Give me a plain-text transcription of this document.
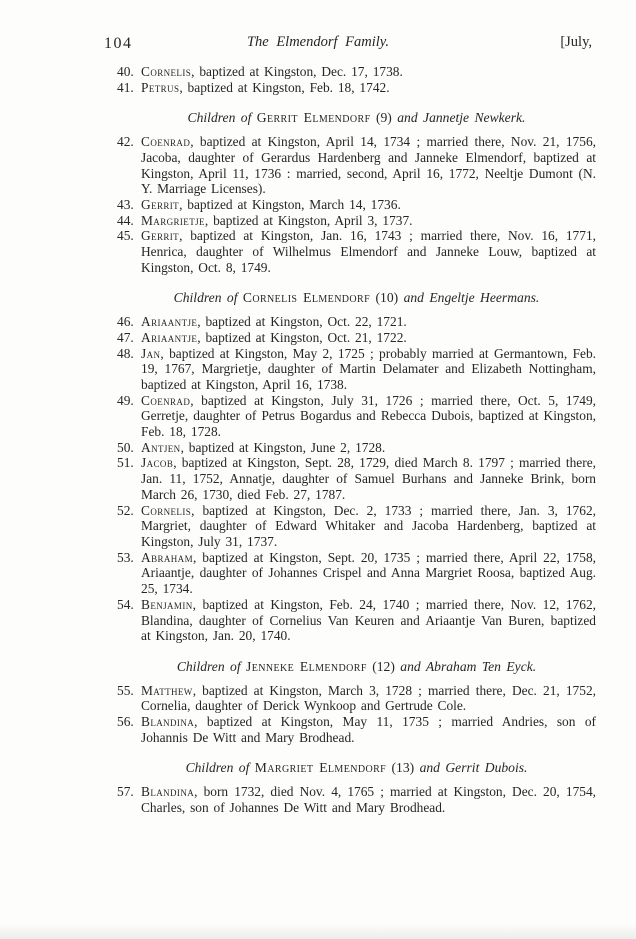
104	The Elmendorf Family.	[July,

40. Cornelis, baptized at Kingston, Dec. 17, 1738.

41. Petrus, baptized at Kingston, Feb. 18, 1742.

Children of Gerrit Elmendorf (9) and Jannetje Newkerk.

42. Coenrad, baptized at Kingston, April 14, 1734 ; married there, Nov. 21, 1756, Jacoba, daughter of Gerardus Hardenberg and Janneke Elmendorf, baptized at Kingston, April 11, 1736 : married, second, April 16, 1772, Neeltje Dumont (N. Y. Marriage Licenses).

43. Gerrit, baptized at Kingston, March 14, 1736.

44. Margrietje, baptized at Kingston, April 3, 1737.

45. Gerrit, baptized at Kingston, Jan. 16, 1743 ; married there, Nov. 16, 1771, Henrica, daughter of Wilhelmus Elmendorf and Janneke Louw, baptized at Kingston, Oct. 8, 1749.

Children of Cornelis Elmendorf (10) and Engeltje Heermans.

46. Ariaantje, baptized at Kingston, Oct. 22, 1721.

47. Ariaantje, baptized at Kingston, Oct. 21, 1722.

48. Jan, baptized at Kingston, May 2, 1725 ; probably married at Germantown, Feb. 19, 1767, Margrietje, daughter of Martin Delamater and Elizabeth Nottingham, baptized at Kingston, April 16, 1738.

49. Coenrad, baptized at Kingston, July 31, 1726 ; married there, Oct. 5, 1749, Gerretje, daughter of Petrus Bogardus and Rebecca Dubois, baptized at Kingston, Feb. 18, 1728.

50. Antjen, baptized at Kingston, June 2, 1728.

51. Jacob, baptized at Kingston, Sept. 28, 1729, died March 8. 1797 ; married there, Jan. 11, 1752, Annatje, daughter of Samuel Burhans and Janneke Brink, born March 26, 1730, died Feb. 27, 1787.

52. Cornelis, baptized at Kingston, Dec. 2, 1733 ; married there, Jan. 3, 1762, Margriet, daughter of Edward Whitaker and Jacoba Hardenberg, baptized at Kingston, July 31, 1737.

53. Abraham, baptized at Kingston, Sept. 20, 1735 ; married there, April 22, 1758, Ariaantje, daughter of Johannes Crispel and Anna Margriet Roosa, baptized Aug. 25, 1734.

54. Benjamin, baptized at Kingston, Feb. 24, 1740 ; married there, Nov. 12, 1762, Blandina, daughter of Cornelius Van Keuren and Ariaantje Van Buren, baptized at Kingston, Jan. 20, 1740.

Children of Jenneke Elmendorf (12) and Abraham Ten Eyck.

55. Matthew, baptized at Kingston, March 3, 1728 ; married there, Dec. 21, 1752, Cornelia, daughter of Derick Wynkoop and Gertrude Cole.

56. Blandina, baptized at Kingston, May 11, 1735 ; married Andries, son of Johannis De Witt and Mary Brodhead.

Children of Margriet Elmendorf (13) and Gerrit Dubois.

57. Blandina, born 1732, died Nov. 4, 1765 ; married at Kingston, Dec. 20, 1754, Charles, son of Johannes De Witt and Mary Brodhead.
